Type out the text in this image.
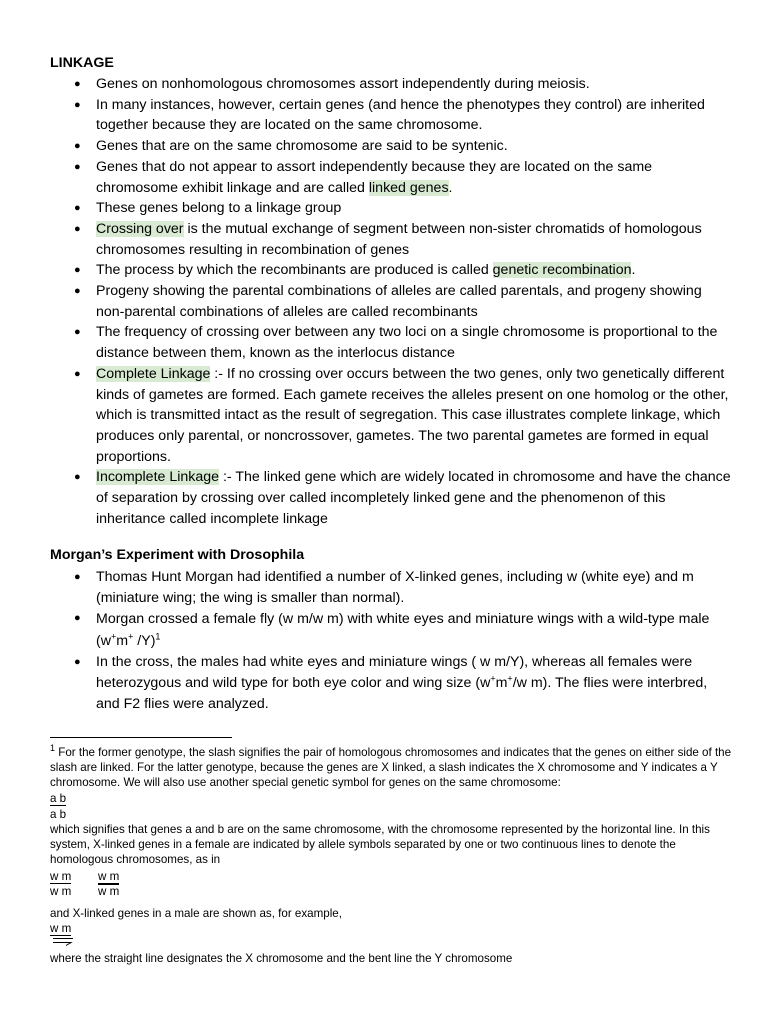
LINKAGE
● Genes on nonhomologous chromosomes assort independently during meiosis.
● In many instances, however, certain genes (and hence the phenotypes they control) are inherited together because they are located on the same chromosome.
● Genes that are on the same chromosome are said to be syntenic.
● Genes that do not appear to assort independently because they are located on the same chromosome exhibit linkage and are called linked genes.
● These genes belong to a linkage group
● Crossing over is the mutual exchange of segment between non-sister chromatids of homologous chromosomes resulting in recombination of genes
● The process by which the recombinants are produced is called genetic recombination.
● Progeny showing the parental combinations of alleles are called parentals, and progeny showing non-parental combinations of alleles are called recombinants
● The frequency of crossing over between any two loci on a single chromosome is proportional to the distance between them, known as the interlocus distance
● Complete Linkage :- If no crossing over occurs between the two genes, only two genetically different kinds of gametes are formed. Each gamete receives the alleles present on one homolog or the other, which is transmitted intact as the result of segregation. This case illustrates complete linkage, which produces only parental, or noncrossover, gametes. The two parental gametes are formed in equal proportions.
● Incomplete Linkage :- The linked gene which are widely located in chromosome and have the chance of separation by crossing over called incompletely linked gene and the phenomenon of this inheritance called incomplete linkage
Morgan’s Experiment with Drosophila
● Thomas Hunt Morgan had identified a number of X-linked genes, including w (white eye) and m (miniature wing; the wing is smaller than normal).
● Morgan crossed a female fly (w m/w m) with white eyes and miniature wings with a wild-type male (w+m+ /Y)$^1$
● In the cross, the males had white eyes and miniature wings ( w m/Y), whereas all females were heterozygous and wild type for both eye color and wing size (w+m+/w m). The flies were interbred, and F2 flies were analyzed.
$^1$ For the former genotype, the slash signifies the pair of homologous chromosomes and indicates that the genes on either side of the slash are linked. For the latter genotype, because the genes are X linked, a slash indicates the X chromosome and Y indicates a Y chromosome. We will also use another special genetic symbol for genes on the same chromosome:
a b
a b
which signifies that genes a and b are on the same chromosome, with the chromosome represented by the horizontal line. In this system, X-linked genes in a female are indicated by allele symbols separated by one or two continuous lines to denote the homologous chromosomes, as in
w m
w m
w m
w m
and X-linked genes in a male are shown as, for example,
w m
where the straight line designates the X chromosome and the bent line the Y chromosome
